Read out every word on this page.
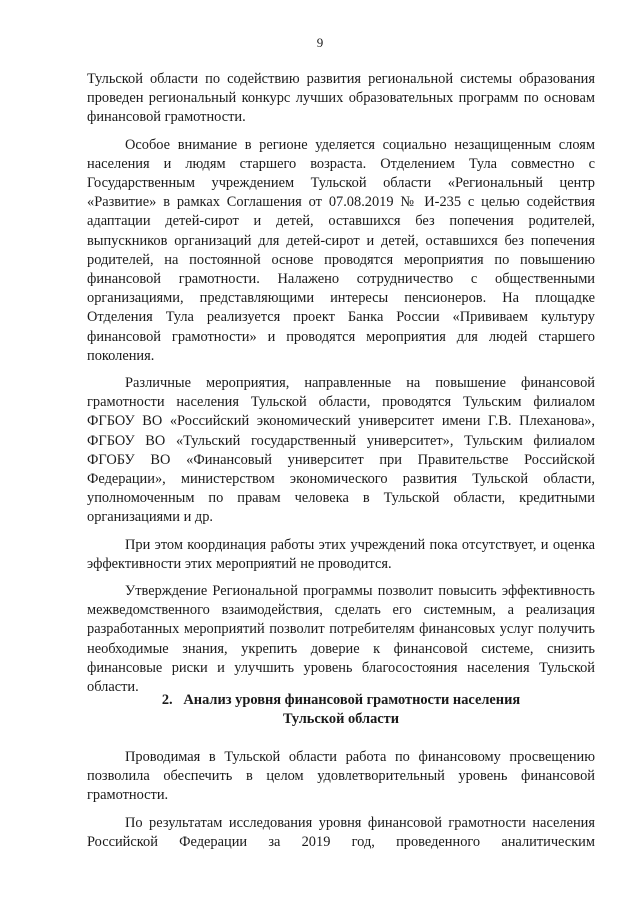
9

Тульской области по содействию развития региональной системы образования проведен региональный конкурс лучших образовательных программ по основам финансовой грамотности.

Особое внимание в регионе уделяется социально незащищенным слоям населения и людям старшего возраста. Отделением Тула совместно с Государственным учреждением Тульской области «Региональный центр «Развитие» в рамках Соглашения от 07.08.2019 № И-235 с целью содействия адаптации детей-сирот и детей, оставшихся без попечения родителей, выпускников организаций для детей-сирот и детей, оставшихся без попечения родителей, на постоянной основе проводятся мероприятия по повышению финансовой грамотности. Налажено сотрудничество с общественными организациями, представляющими интересы пенсионеров. На площадке Отделения Тула реализуется проект Банка России «Прививаем культуру финансовой грамотности» и проводятся мероприятия для людей старшего поколения.

Различные мероприятия, направленные на повышение финансовой грамотности населения Тульской области, проводятся Тульским филиалом ФГБОУ ВО «Российский экономический университет имени Г.В. Плеханова», ФГБОУ ВО «Тульский государственный университет», Тульским филиалом ФГОБУ ВО «Финансовый университет при Правительстве Российской Федерации», министерством экономического развития Тульской области, уполномоченным по правам человека в Тульской области, кредитными организациями и др.

При этом координация работы этих учреждений пока отсутствует, и оценка эффективности этих мероприятий не проводится.

Утверждение Региональной программы позволит повысить эффективность межведомственного взаимодействия, сделать его системным, а реализация разработанных мероприятий позволит потребителям финансовых услуг получить необходимые знания, укрепить доверие к финансовой системе, снизить финансовые риски и улучшить уровень благосостояния населения Тульской области.

2. Анализ уровня финансовой грамотности населения
Тульской области

Проводимая в Тульской области работа по финансовому просвещению позволила обеспечить в целом удовлетворительный уровень финансовой грамотности.

По результатам исследования уровня финансовой грамотности населения Российской Федерации за 2019 год, проведенного аналитическим
